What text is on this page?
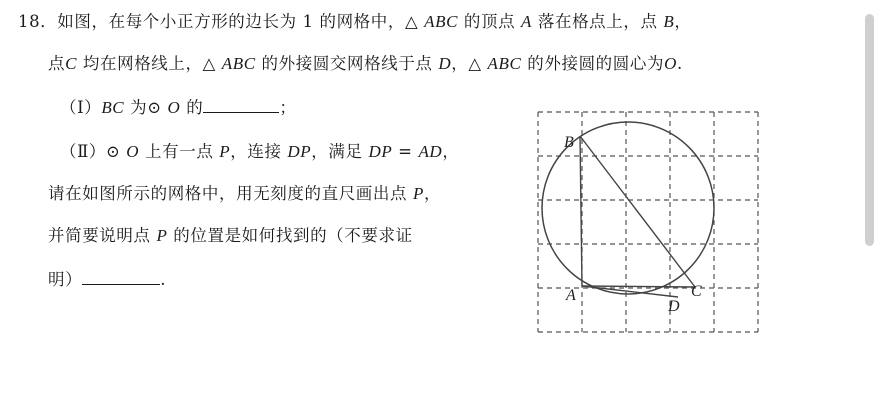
18．如图，在每个小正方形的边长为 1 的网格中，△ ABC 的顶点 A 落在格点上，点 B，
点C 均在网格线上，△ ABC 的外接圆交网格线于点 D，△ ABC 的外接圆的圆心为O.
（Ⅰ）BC 为⊙ O 的	；
（Ⅱ）⊙ O 上有一点 P，连接 DP，满足 DP = AD，
请在如图所示的网格中，用无刻度的直尺画出点 P，
并简要说明点 P 的位置是如何找到的（不要求证
明）	.
B
A	C
D
